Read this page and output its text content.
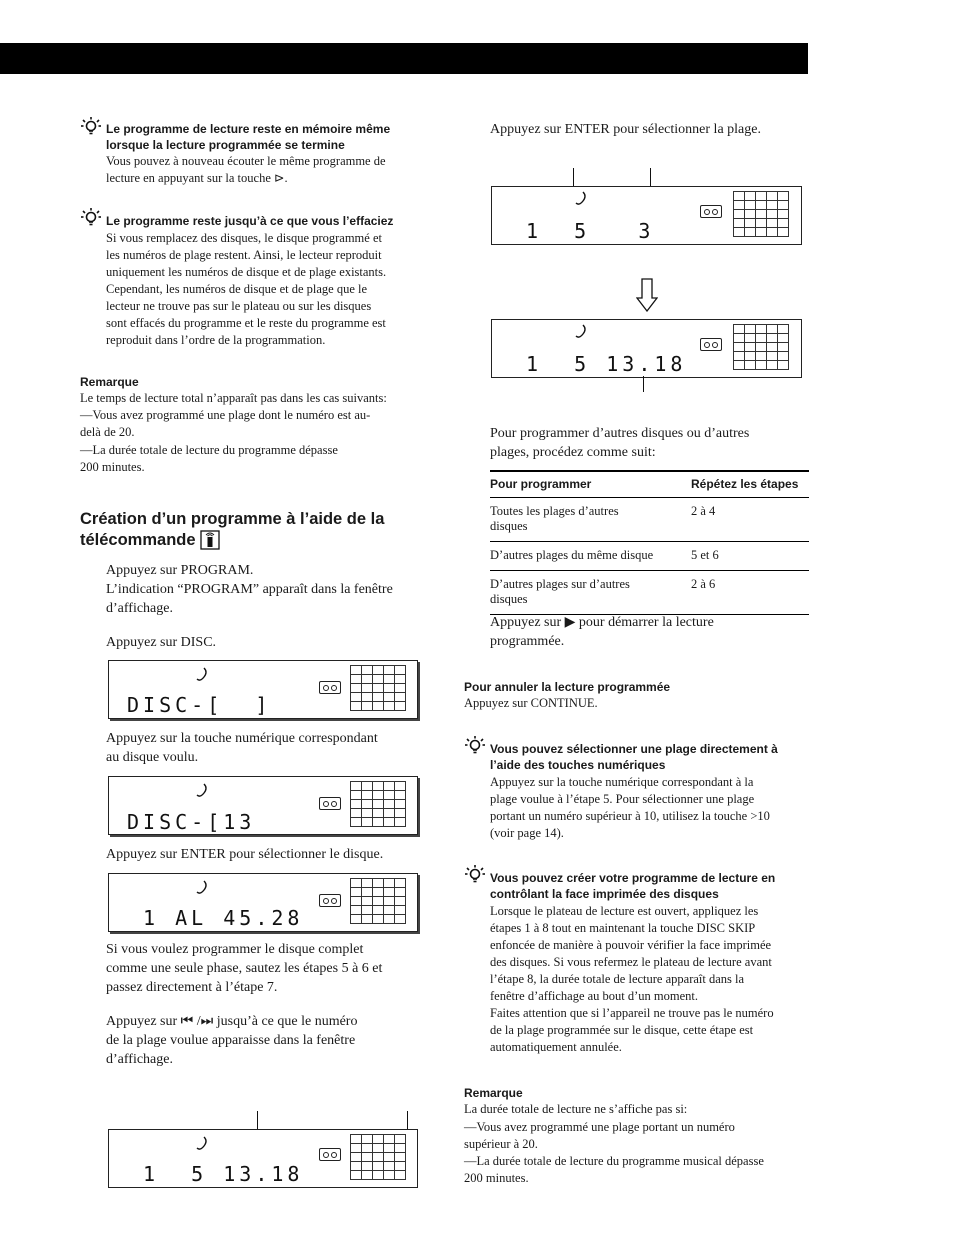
Le programme de lecture reste en mémoire même
lorsque la lecture programmée se termine
Vous pouvez à nouveau écouter le même programme de
lecture en appuyant sur la touche ⊳.
Le programme reste jusqu’à ce que vous l’effaciez
Si vous remplacez des disques, le disque programmé et
les numéros de plage restent. Ainsi, le lecteur reproduit
uniquement les numéros de disque et de plage existants.
Cependant, les numéros de disque et de plage que le
lecteur ne trouve pas sur le plateau ou sur les disques
sont effacés du programme et le reste du programme est
reproduit dans l’ordre de la programmation.
Remarque
Le temps de lecture total n’apparaît pas dans les cas suivants:
—Vous avez programmé une plage dont le numéro est au-
delà de 20.
—La durée totale de lecture du programme dépasse
200 minutes.
Création d’un programme à l’aide de la
télécommande
Appuyez sur PROGRAM.
L’indication “PROGRAM” apparaît dans la fenêtre
d’affichage.
Appuyez sur DISC.
DISC-[  ]

Appuyez sur la touche numérique correspondant
au disque voulu.
DISC-[13

Appuyez sur ENTER pour sélectionner le disque.
1 AL 45.28

Si vous voulez programmer le disque complet
comme une seule phase, sautez les étapes 5 à 6 et
passez directement à l’étape 7.
Appuyez sur ⏮ /⏭ jusqu’à ce que le numéro
de la plage voulue apparaisse dans la fenêtre
d’affichage.
1  5 13.18

Appuyez sur ENTER pour sélectionner la plage.
1  5   3

1  5 13.18

Pour programmer d’autres disques ou d’autres
plages, procédez comme suit:
Pour programmer	Répétez les étapes
Toutes les plages d’autres
disques	2 à 4
D’autres plages du même disque	5 et 6
D’autres plages sur d’autres
disques	2 à 6
Appuyez sur ▶ pour démarrer la lecture
programmée.
Pour annuler la lecture programmée
Appuyez sur CONTINUE.
Vous pouvez sélectionner une plage directement à
l’aide des touches numériques
Appuyez sur la touche numérique correspondant à la
plage voulue à l’étape 5. Pour sélectionner une plage
portant un numéro supérieur à 10, utilisez la touche >10
(voir page 14).
Vous pouvez créer votre programme de lecture en
contrôlant la face imprimée des disques
Lorsque le plateau de lecture est ouvert, appliquez les
étapes 1 à 8 tout en maintenant la touche DISC SKIP
enfoncée de manière à pouvoir vérifier la face imprimée
des disques. Si vous refermez le plateau de lecture avant
l’étape 8, la durée totale de lecture apparaît dans la
fenêtre d’affichage au bout d’un moment.
Faites attention que si l’appareil ne trouve pas le numéro
de la plage programmée sur le disque, cette étape est
automatiquement annulée.
Remarque
La durée totale de lecture ne s’affiche pas si:
—Vous avez programmé une plage portant un numéro
supérieur à 20.
—La durée totale de lecture du programme musical dépasse
200 minutes.
